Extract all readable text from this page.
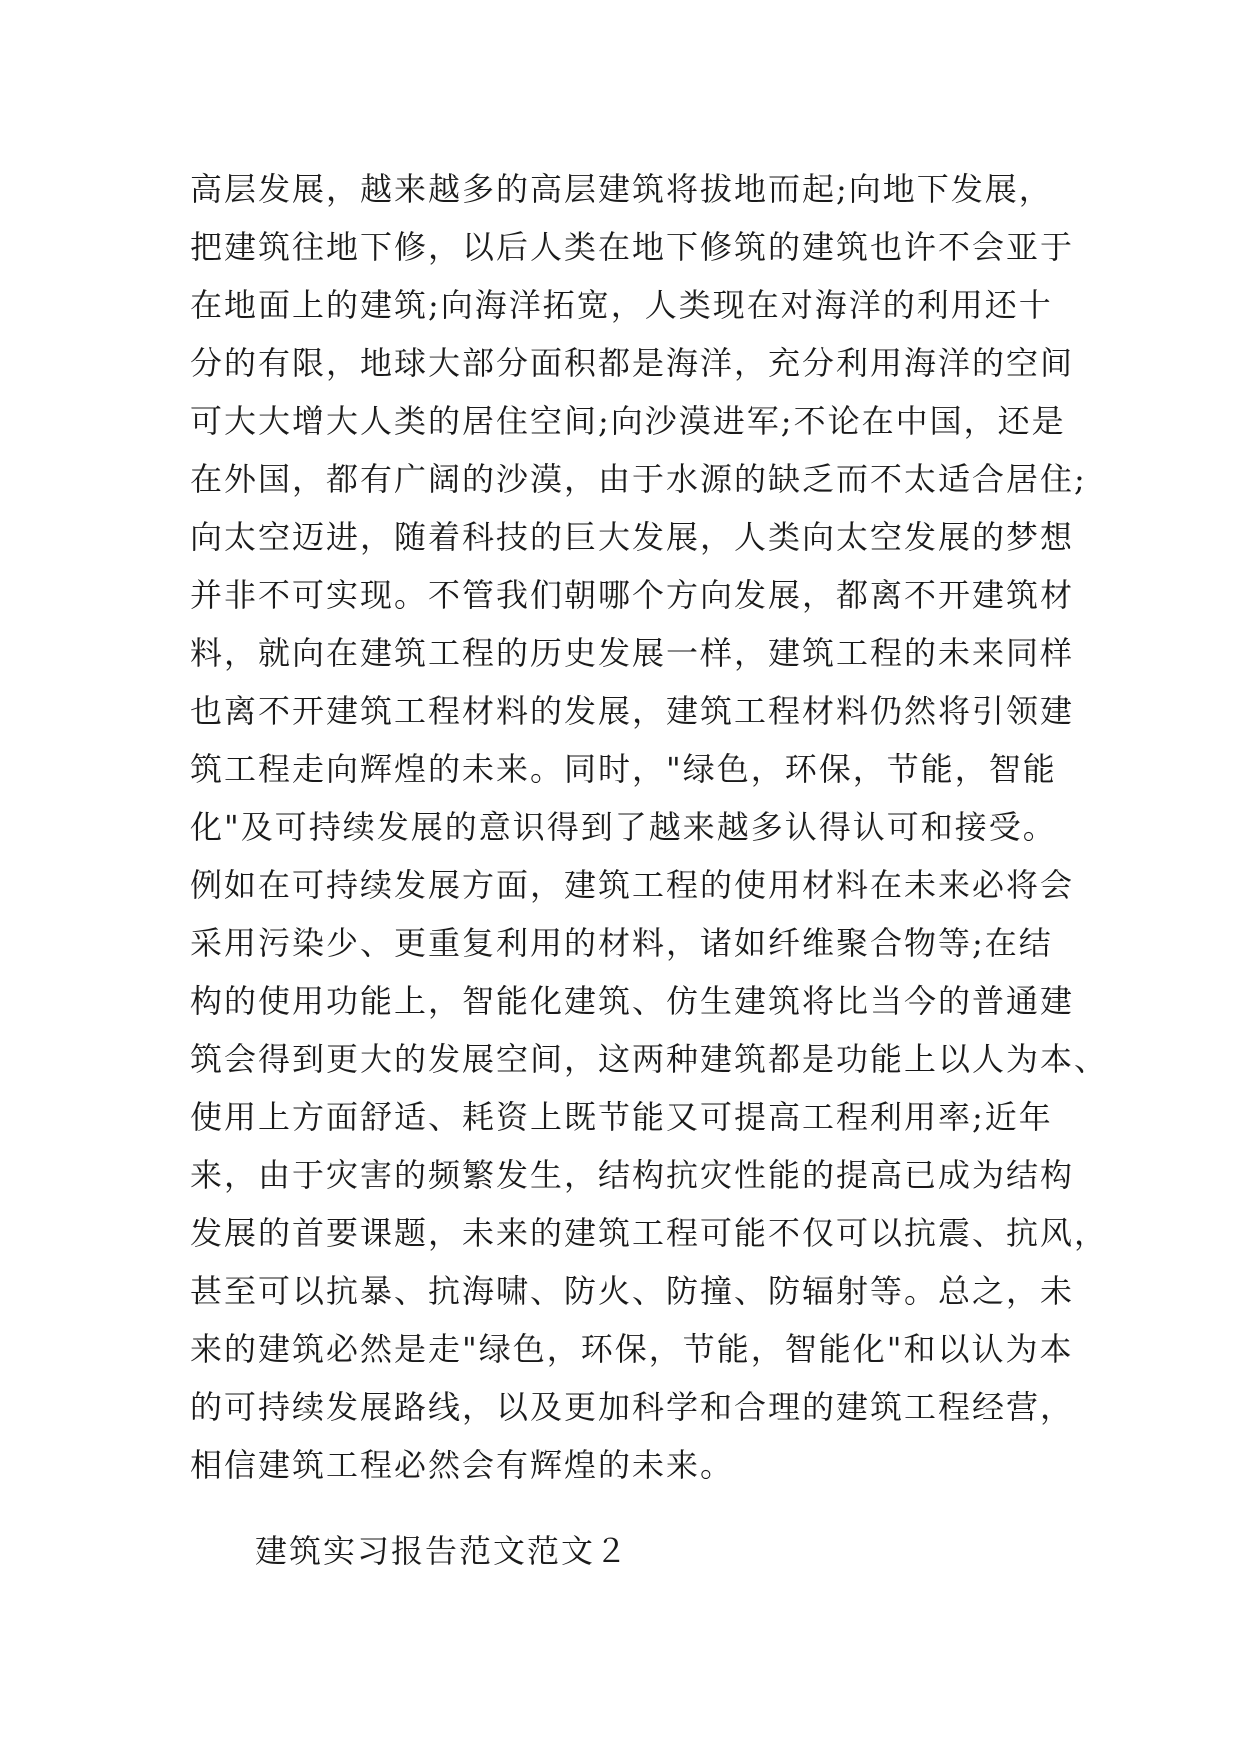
高层发展，越来越多的高层建筑将拔地而起;向地下发展，
把建筑往地下修，以后人类在地下修筑的建筑也许不会亚于
在地面上的建筑;向海洋拓宽，人类现在对海洋的利用还十
分的有限，地球大部分面积都是海洋，充分利用海洋的空间
可大大增大人类的居住空间;向沙漠进军;不论在中国，还是
在外国，都有广阔的沙漠，由于水源的缺乏而不太适合居住;
向太空迈进，随着科技的巨大发展，人类向太空发展的梦想
并非不可实现。不管我们朝哪个方向发展，都离不开建筑材
料，就向在建筑工程的历史发展一样，建筑工程的未来同样
也离不开建筑工程材料的发展，建筑工程材料仍然将引领建
筑工程走向辉煌的未来。同时，"绿色，环保，节能，智能
化"及可持续发展的意识得到了越来越多认得认可和接受。
例如在可持续发展方面，建筑工程的使用材料在未来必将会
采用污染少、更重复利用的材料，诸如纤维聚合物等;在结
构的使用功能上，智能化建筑、仿生建筑将比当今的普通建
筑会得到更大的发展空间，这两种建筑都是功能上以人为本、
使用上方面舒适、耗资上既节能又可提高工程利用率;近年
来，由于灾害的频繁发生，结构抗灾性能的提高已成为结构
发展的首要课题，未来的建筑工程可能不仅可以抗震、抗风，
甚至可以抗暴、抗海啸、防火、防撞、防辐射等。总之，未
来的建筑必然是走"绿色，环保，节能，智能化"和以认为本
的可持续发展路线，以及更加科学和合理的建筑工程经营，
相信建筑工程必然会有辉煌的未来。
建筑实习报告范文范文２
